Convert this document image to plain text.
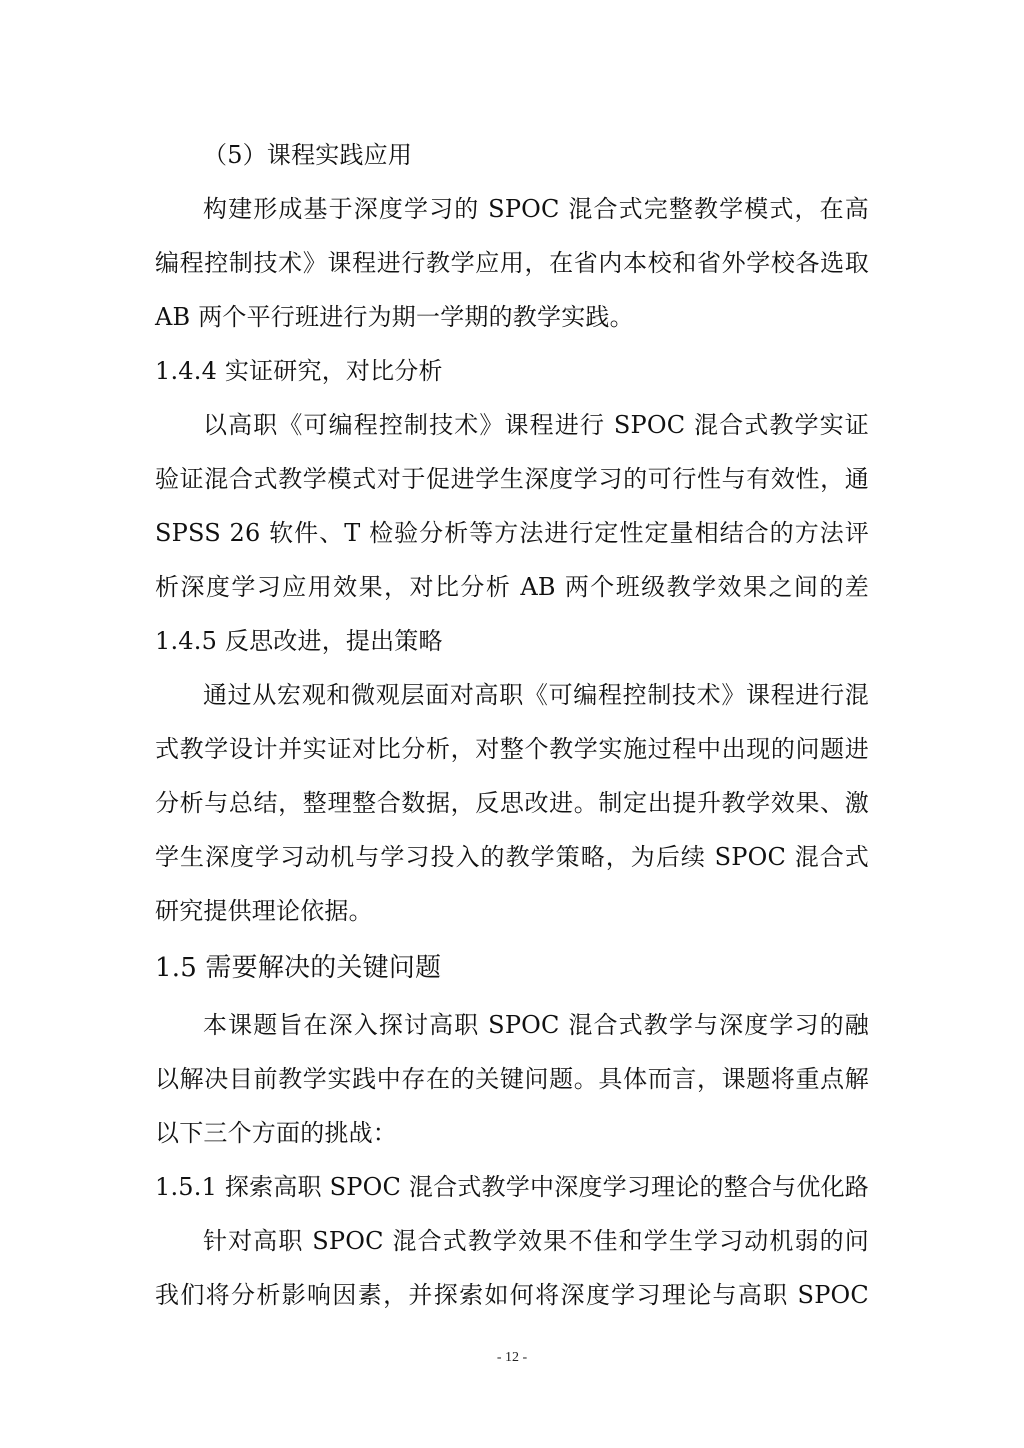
（5）课程实践应用
构建形成基于深度学习的 SPOC 混合式完整教学模式，在高
编程控制技术》课程进行教学应用，在省内本校和省外学校各选取
AB 两个平行班进行为期一学期的教学实践。
1.4.4 实证研究，对比分析
以高职《可编程控制技术》课程进行 SPOC 混合式教学实证
验证混合式教学模式对于促进学生深度学习的可行性与有效性，通
SPSS 26 软件、T 检验分析等方法进行定性定量相结合的方法评
析深度学习应用效果，对比分析 AB 两个班级教学效果之间的差
1.4.5 反思改进，提出策略
通过从宏观和微观层面对高职《可编程控制技术》课程进行混
式教学设计并实证对比分析，对整个教学实施过程中出现的问题进
分析与总结，整理整合数据，反思改进。制定出提升教学效果、激
学生深度学习动机与学习投入的教学策略，为后续 SPOC 混合式
研究提供理论依据。
1.5 需要解决的关键问题
本课题旨在深入探讨高职 SPOC 混合式教学与深度学习的融
以解决目前教学实践中存在的关键问题。具体而言，课题将重点解
以下三个方面的挑战：
1.5.1 探索高职 SPOC 混合式教学中深度学习理论的整合与优化路
针对高职 SPOC 混合式教学效果不佳和学生学习动机弱的问
我们将分析影响因素，并探索如何将深度学习理论与高职 SPOC
- 12 -
